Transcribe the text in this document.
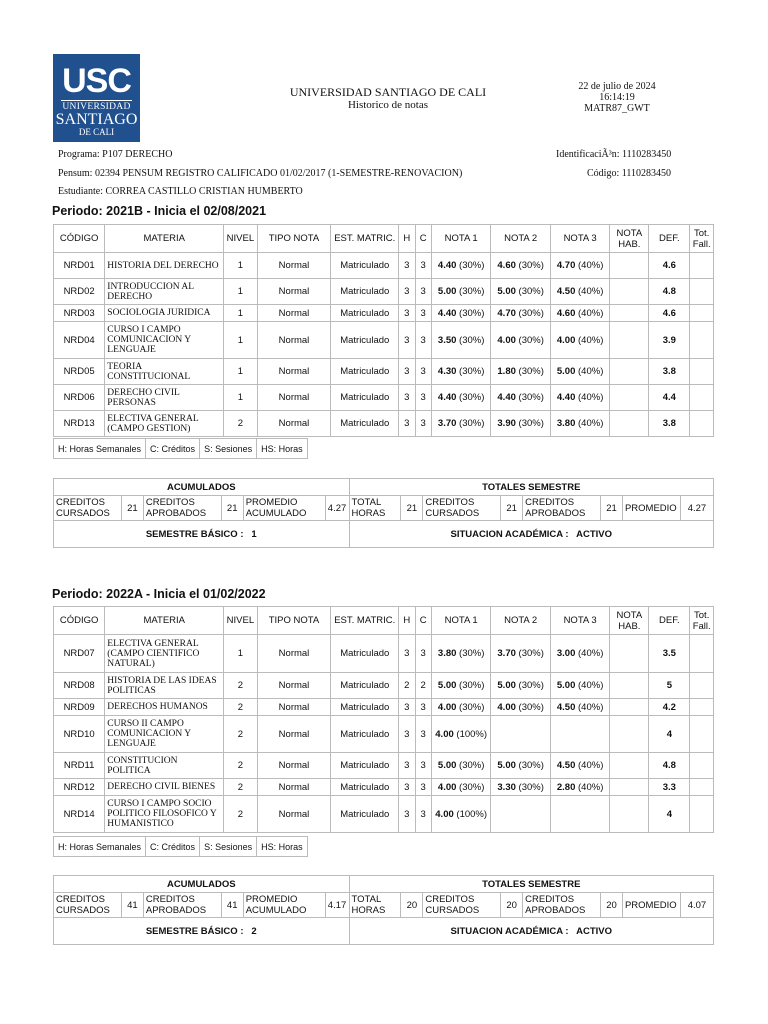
USC
UNIVERSIDAD
SANTIAGO
DE CALI
UNIVERSIDAD SANTIAGO DE CALI
Historico de notas
22 de julio de 2024
16:14:19
MATR87_GWT
Programa: P107 DERECHO
Pensum: 02394 PENSUM REGISTRO CALIFICADO 01/02/2017 (1-SEMESTRE-RENOVACION)
Estudiante: CORREA CASTILLO CRISTIAN HUMBERTO
IdentificaciÃ³n: 1110283450
Código: 1110283450
Periodo: 2021B - Inicia el 02/08/2021
CÓDIGO	MATERIA	NIVEL	TIPO NOTA	EST. MATRIC.	H	C	NOTA 1	NOTA 2	NOTA 3	NOTA HAB.	DEF.	Tot. Fall.
NRD01	HISTORIA DEL DERECHO	1	Normal	Matriculado	3	3	4.40 (30%)	4.60 (30%)	4.70 (40%)		4.6	
NRD02	INTRODUCCION AL DERECHO	1	Normal	Matriculado	3	3	5.00 (30%)	5.00 (30%)	4.50 (40%)		4.8	
NRD03	SOCIOLOGIA JURIDICA	1	Normal	Matriculado	3	3	4.40 (30%)	4.70 (30%)	4.60 (40%)		4.6	
NRD04	CURSO I CAMPO COMUNICACION Y LENGUAJE	1	Normal	Matriculado	3	3	3.50 (30%)	4.00 (30%)	4.00 (40%)		3.9	
NRD05	TEORIA CONSTITUCIONAL	1	Normal	Matriculado	3	3	4.30 (30%)	1.80 (30%)	5.00 (40%)		3.8	
NRD06	DERECHO CIVIL PERSONAS	1	Normal	Matriculado	3	3	4.40 (30%)	4.40 (30%)	4.40 (40%)		4.4	
NRD13	ELECTIVA GENERAL (CAMPO GESTION)	2	Normal	Matriculado	3	3	3.70 (30%)	3.90 (30%)	3.80 (40%)		3.8	
H: Horas Semanales	C: Créditos	S: Sesiones	HS: Horas
ACUMULADOS						TOTALES SEMESTRE							
CREDITOS CURSADOS	21	CREDITOS APROBADOS	21	PROMEDIO ACUMULADO	4.27	TOTAL HORAS	21	CREDITOS CURSADOS	21	CREDITOS APROBADOS	21	PROMEDIO	4.27
SEMESTRE BÁSICO : 1						SITUACION ACADÉMICA : ACTIVO							
Periodo: 2022A - Inicia el 01/02/2022
CÓDIGO	MATERIA	NIVEL	TIPO NOTA	EST. MATRIC.	H	C	NOTA 1	NOTA 2	NOTA 3	NOTA HAB.	DEF.	Tot. Fall.
NRD07	ELECTIVA GENERAL (CAMPO CIENTIFICO NATURAL)	1	Normal	Matriculado	3	3	3.80 (30%)	3.70 (30%)	3.00 (40%)		3.5	
NRD08	HISTORIA DE LAS IDEAS POLITICAS	2	Normal	Matriculado	2	2	5.00 (30%)	5.00 (30%)	5.00 (40%)		5	
NRD09	DERECHOS HUMANOS	2	Normal	Matriculado	3	3	4.00 (30%)	4.00 (30%)	4.50 (40%)		4.2	
NRD10	CURSO II CAMPO COMUNICACION Y LENGUAJE	2	Normal	Matriculado	3	3	4.00 (100%)				4	
NRD11	CONSTITUCION POLITICA	2	Normal	Matriculado	3	3	5.00 (30%)	5.00 (30%)	4.50 (40%)		4.8	
NRD12	DERECHO CIVIL BIENES	2	Normal	Matriculado	3	3	4.00 (30%)	3.30 (30%)	2.80 (40%)		3.3	
NRD14	CURSO I CAMPO SOCIO POLITICO FILOSOFICO Y HUMANISTICO	2	Normal	Matriculado	3	3	4.00 (100%)				4	
H: Horas Semanales	C: Créditos	S: Sesiones	HS: Horas
ACUMULADOS						TOTALES SEMESTRE							
CREDITOS CURSADOS	41	CREDITOS APROBADOS	41	PROMEDIO ACUMULADO	4.17	TOTAL HORAS	20	CREDITOS CURSADOS	20	CREDITOS APROBADOS	20	PROMEDIO	4.07
SEMESTRE BÁSICO : 2						SITUACION ACADÉMICA : ACTIVO							
